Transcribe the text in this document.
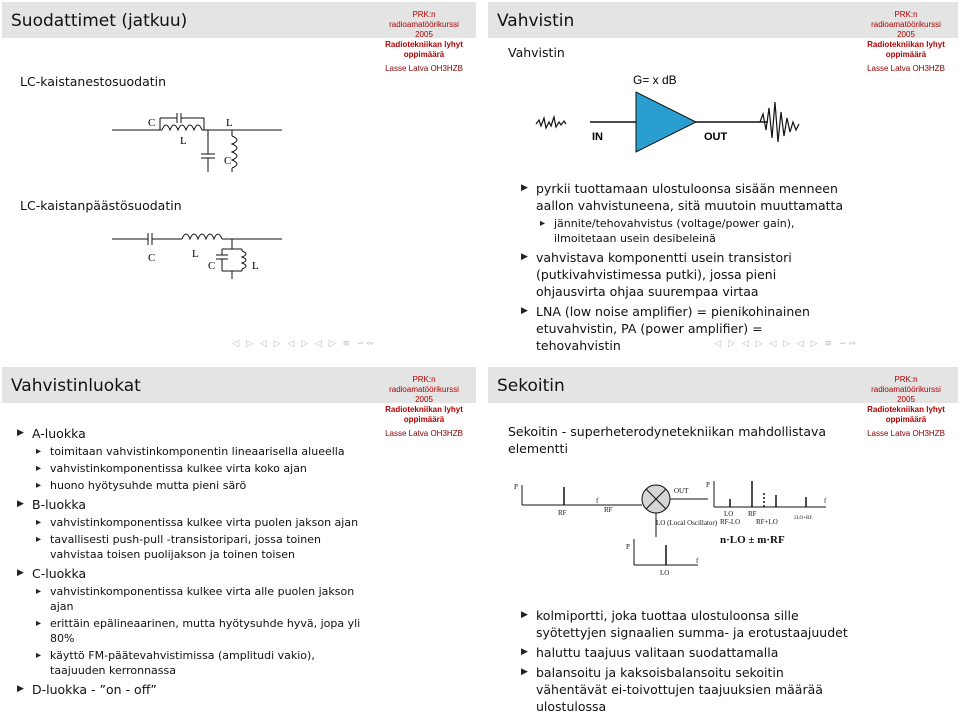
Suodattimet (jatkuu)	PRK:n
radioamatöörikurssi
2005
Radiotekniikan lyhyt
oppimäärä
Lasse Latva OH3HZB
LC-kaistanestosuodatin
C
L
L
C
LC-kaistanpäästösuodatin
C	L
C	L
◁ ▷ ◁ ▷ ◁ ▷ ◁ ▷ ≡ ∽∾
Vahvistin	PRK:n
radioamatöörikurssi
2005
Radiotekniikan lyhyt
oppimäärä
Lasse Latva OH3HZB
Vahvistin
G= x dB
IN	OUT
▶ pyrkii tuottamaan ulostuloonsa sisään menneen aallon vahvistuneena, sitä muutoin muuttamatta
▸ jännite/tehovahvistus (voltage/power gain), ilmoitetaan usein desibeleinä
▶ vahvistava komponentti usein transistori (putkivahvistimessa putki), jossa pieni ohjausvirta ohjaa suurempaa virtaa
▶ LNA (low noise amplifier) = pienikohinainen etuvahvistin, PA (power amplifier) = tehovahvistin	◁ ▷ ◁ ▷ ◁ ▷ ◁ ▷ ≡ ∽∾
Vahvistinluokat	PRK:n
radioamatöörikurssi
2005
Radiotekniikan lyhyt
oppimäärä
Lasse Latva OH3HZB
▶ A-luokka
▸ toimitaan vahvistinkomponentin lineaarisella alueella
▸ vahvistinkomponentissa kulkee virta koko ajan
▸ huono hyötysuhde mutta pieni särö
▶ B-luokka
▸ vahvistinkomponentissa kulkee virta puolen jakson ajan
▸ tavallisesti push-pull -transistoripari, jossa toinen vahvistaa toisen puolijakson ja toinen toisen
▶ C-luokka
▸ vahvistinkomponentissa kulkee virta alle puolen jakson ajan
▸ erittäin epälineaarinen, mutta hyötysuhde hyvä, jopa yli 80%
▸ käyttö FM-päätevahvistimissa (amplitudi vakio), taajuuden kerronnassa
▶ D-luokka - ”on - off”
Sekoitin	PRK:n
radioamatöörikurssi
2005
Radiotekniikan lyhyt
oppimäärä
Lasse Latva OH3HZB
Sekoitin - superheterodynetekniikan mahdollistava elementti
P
f
RF	RF
OUT
LO (Local Oscillator)
P
f
LO
P
f
LO RF
RF-LO RF+LO	2LO+RF
n·LO ± m·RF
▶ kolmiportti, joka tuottaa ulostuloonsa sille syötettyjen signaalien summa- ja erotustaajuudet
▶ haluttu taajuus valitaan suodattamalla
▶ balansoitu ja kaksoisbalansoitu sekoitin vähentävät ei-toivottujen taajuuksien määrää ulostulossa
